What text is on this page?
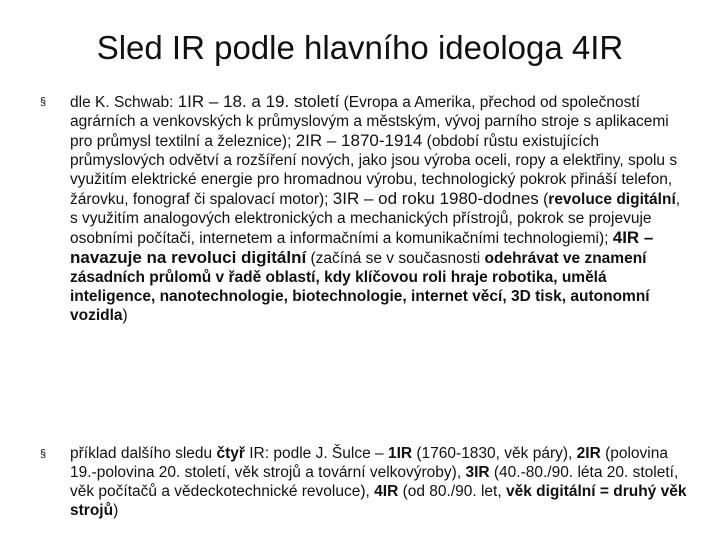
Sled IR podle hlavního ideologa 4IR
§	dle K. Schwab: 1IR – 18. a 19. století (Evropa a Amerika, přechod od společností agrárních a venkovských k průmyslovým a městským, vývoj parního stroje s aplikacemi pro průmysl textilní a železnice); 2IR – 1870-1914 (období růstu existujících průmyslových odvětví a rozšíření nových, jako jsou výroba oceli, ropy a elektřiny, spolu s využitím elektrické energie pro hromadnou výrobu, technologický pokrok přináší telefon, žárovku, fonograf či spalovací motor); 3IR – od roku 1980-dodnes (revoluce digitální, s využitím analogových elektronických a mechanických přístrojů, pokrok se projevuje osobními počítači, internetem a informačními a komunikačními technologiemi); 4IR – navazuje na revoluci digitální (začíná se v současnosti odehrávat ve znamení zásadních průlomů v řadě oblastí, kdy klíčovou roli hraje robotika, umělá inteligence, nanotechnologie, biotechnologie, internet věcí, 3D tisk, autonomní vozidla)
§	příklad dalšího sledu čtyř IR: podle J. Šulce – 1IR (1760-1830, věk páry), 2IR (polovina 19.-polovina 20. století, věk strojů a tovární velkovýroby), 3IR (40.-80./90. léta 20. století, věk počítačů a vědeckotechnické revoluce), 4IR (od 80./90. let, věk digitální = druhý věk strojů)
